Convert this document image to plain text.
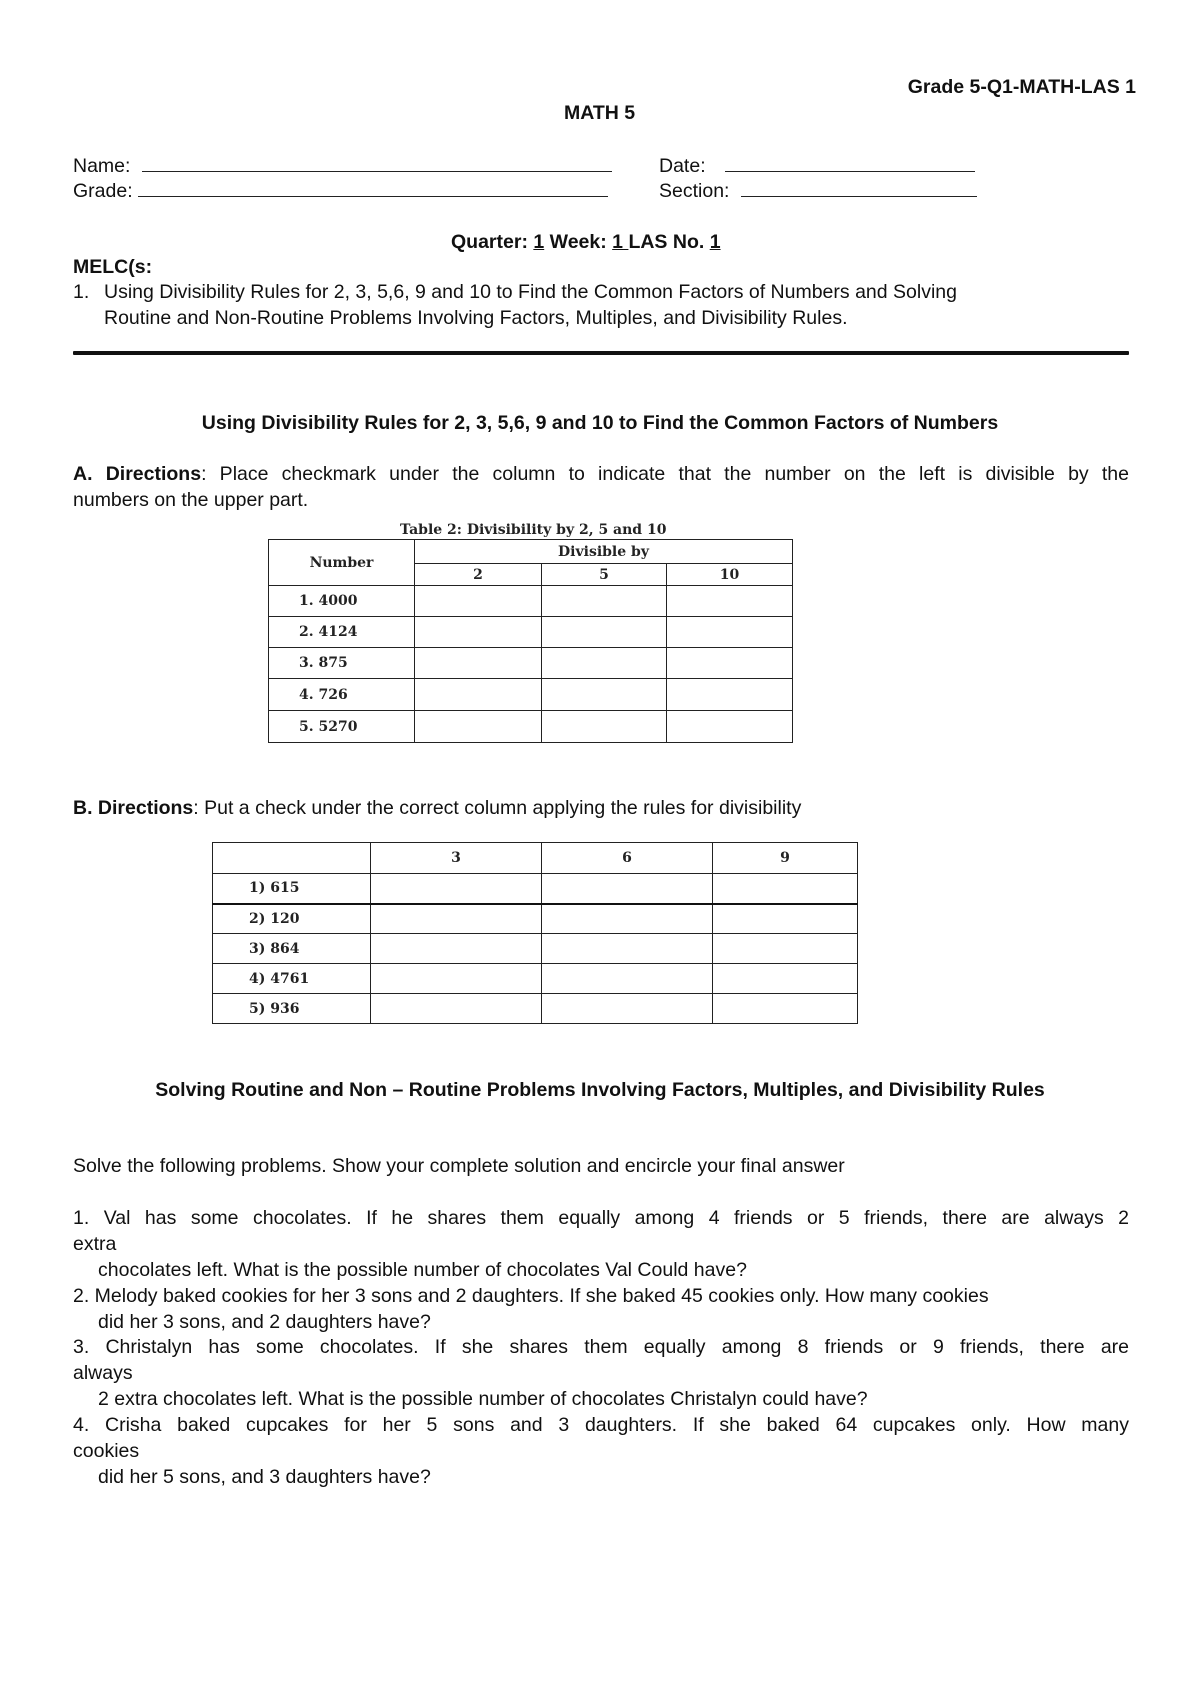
Grade 5-Q1-MATH-LAS 1
MATH 5
Name:	Date:
Grade:	Section:
Quarter: 1 Week: 1 LAS No. 1
MELC(s:
1. Using Divisibility Rules for 2, 3, 5,6, 9 and 10 to Find the Common Factors of Numbers and Solving
Routine and Non-Routine Problems Involving Factors, Multiples, and Divisibility Rules.
Using Divisibility Rules for 2, 3, 5,6, 9 and 10 to Find the Common Factors of Numbers
A. Directions: Place checkmark under the column to indicate that the number on the left is divisible by the
numbers on the upper part.
Table 2: Divisibility by 2, 5 and 10
Number	Divisible by		
	2	5	10
1. 4000			
2. 4124			
3. 875			
4. 726			
5. 5270			
B. Directions: Put a check under the correct column applying the rules for divisibility
	3	6	9
1) 615			
2) 120			
3) 864			
4) 4761			
5) 936			
Solving Routine and Non – Routine Problems Involving Factors, Multiples, and Divisibility Rules
Solve the following problems. Show your complete solution and encircle your final answer
1. Val has some chocolates. If he shares them equally among 4 friends or 5 friends, there are always 2
extra
chocolates left. What is the possible number of chocolates Val Could have?
2. Melody baked cookies for her 3 sons and 2 daughters. If she baked 45 cookies only. How many cookies
did her 3 sons, and 2 daughters have?
3. Christalyn has some chocolates. If she shares them equally among 8 friends or 9 friends, there are
always
2 extra chocolates left. What is the possible number of chocolates Christalyn could have?
4. Crisha baked cupcakes for her 5 sons and 3 daughters. If she baked 64 cupcakes only. How many
cookies
did her 5 sons, and 3 daughters have?
